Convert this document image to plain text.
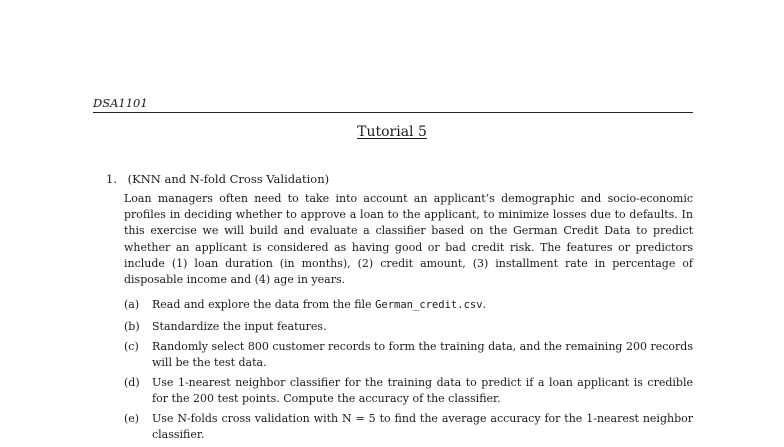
DSA1101
Tutorial 5
1. (KNN and N-fold Cross Validation)

Loan managers often need to take into account an applicant’s demographic and socio-economic profiles in deciding whether to approve a loan to the applicant, to minimize losses due to defaults. In this exercise we will build and evaluate a classifier based on the German Credit Data to predict whether an applicant is considered as having good or bad credit risk. The features or predictors include (1) loan duration (in months), (2) credit amount, (3) installment rate in percentage of disposable income and (4) age in years.

(a)	Read and explore the data from the file German_credit.csv.
(b)	Standardize the input features.
(c)	Randomly select 800 customer records to form the training data, and the remaining 200 records will be the test data.
(d)	Use 1-nearest neighbor classifier for the training data to predict if a loan applicant is credible for the 200 test points. Compute the accuracy of the classifier.
(e)	Use N-folds cross validation with N = 5 to find the average accuracy for the 1-nearest neighbor classifier.
